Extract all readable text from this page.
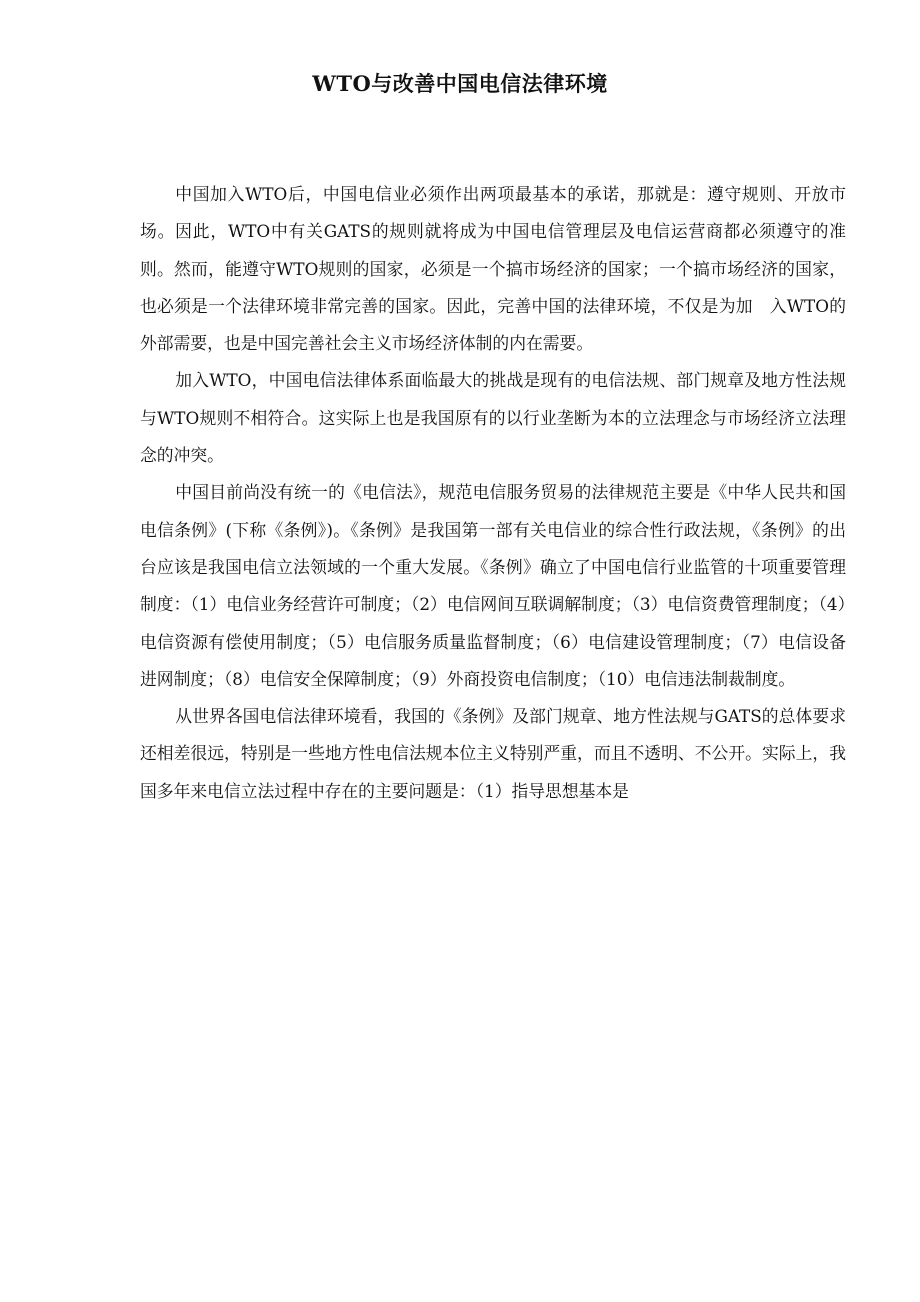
WTO与改善中国电信法律环境

中国加入WTO后，中国电信业必须作出两项最基本的承诺，那就是：遵守规则、开放市场。因此，WTO中有关GATS的规则就将成为中国电信管理层及电信运营商都必须遵守的准则。然而，能遵守WTO规则的国家，必须是一个搞市场经济的国家；一个搞市场经济的国家，也必须是一个法律环境非常完善的国家。因此，完善中国的法律环境，不仅是为加　入WTO的外部需要，也是中国完善社会主义市场经济体制的内在需要。

加入WTO，中国电信法律体系面临最大的挑战是现有的电信法规、部门规章及地方性法规与WTO规则不相符合。这实际上也是我国原有的以行业垄断为本的立法理念与市场经济立法理念的冲突。

中国目前尚没有统一的《电信法》，规范电信服务贸易的法律规范主要是《中华人民共和国电信条例》(下称《条例》)。《条例》是我国第一部有关电信业的综合性行政法规，《条例》的出台应该是我国电信立法领域的一个重大发展。《条例》确立了中国电信行业监管的十项重要管理制度：（1）电信业务经营许可制度；（2）电信网间互联调解制度；（3）电信资费管理制度；（4）电信资源有偿使用制度；（5）电信服务质量监督制度；（6）电信建设管理制度；（7）电信设备进网制度；（8）电信安全保障制度；（9）外商投资电信制度；（10）电信违法制裁制度。

从世界各国电信法律环境看，我国的《条例》及部门规章、地方性法规与GATS的总体要求还相差很远，特别是一些地方性电信法规本位主义特别严重，而且不透明、不公开。实际上，我国多年来电信立法过程中存在的主要问题是：（1）指导思想基本是
